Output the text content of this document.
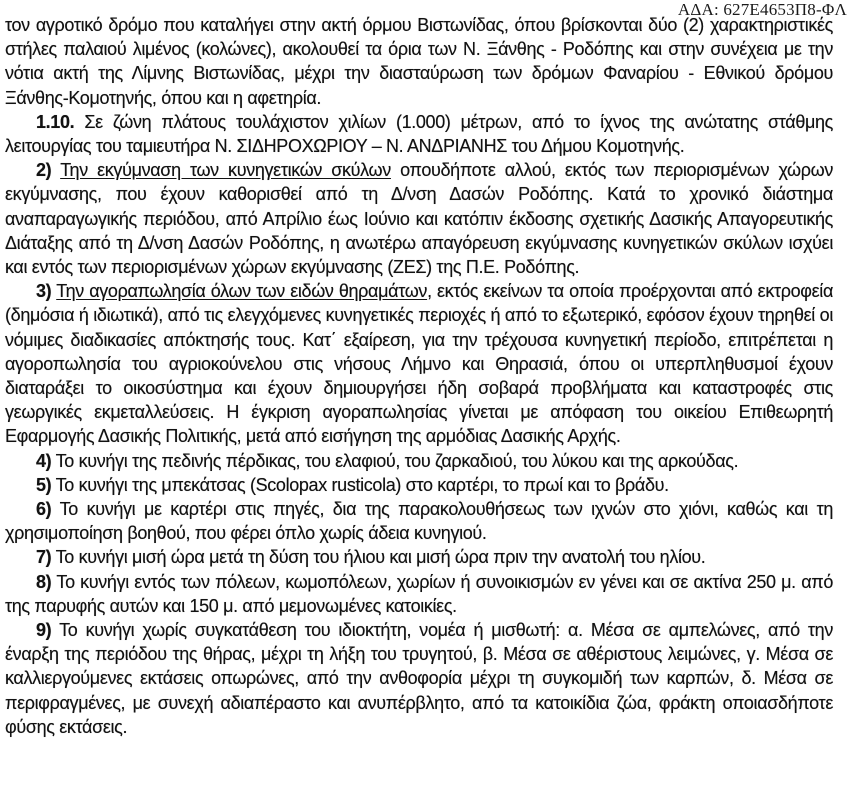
ΑΔΑ: 627Ε4653Π8-ΦΛ

τον αγροτικό δρόμο που καταλήγει στην ακτή όρμου Βιστωνίδας, όπου βρίσκονται δύο (2) χαρακτηριστικές στήλες παλαιού λιμένος (κολώνες), ακολουθεί τα όρια των Ν. Ξάνθης - Ροδόπης και στην συνέχεια με την νότια ακτή της Λίμνης Βιστωνίδας, μέχρι την διασταύρωση των δρόμων Φαναρίου - Εθνικού δρόμου Ξάνθης-Κομοτηνής, όπου και η αφετηρία.

1.10. Σε ζώνη πλάτους τουλάχιστον χιλίων (1.000) μέτρων, από το ίχνος της ανώτατης στάθμης λειτουργίας του ταμιευτήρα Ν. ΣΙΔΗΡΟΧΩΡΙΟΥ – Ν. ΑΝΔΡΙΑΝΗΣ του Δήμου Κομοτηνής.

2) Την εκγύμναση των κυνηγετικών σκύλων οπουδήποτε αλλού, εκτός των περιορισμένων χώρων εκγύμνασης, που έχουν καθορισθεί από τη Δ/νση Δασών Ροδόπης. Κατά το χρονικό διάστημα αναπαραγωγικής περιόδου, από Απρίλιο έως Ιούνιο και κατόπιν έκδοσης σχετικής Δασικής Απαγορευτικής Διάταξης από τη Δ/νση Δασών Ροδόπης, η ανωτέρω απαγόρευση εκγύμνασης κυνηγετικών σκύλων ισχύει και εντός των περιορισμένων χώρων εκγύμνασης (ΖΕΣ) της Π.Ε. Ροδόπης.

3) Την αγοραπωλησία όλων των ειδών θηραμάτων, εκτός εκείνων τα οποία προέρχονται από εκτροφεία (δημόσια ή ιδιωτικά), από τις ελεγχόμενες κυνηγετικές περιοχές ή από το εξωτερικό, εφόσον έχουν τηρηθεί οι νόμιμες διαδικασίες απόκτησής τους. Κατ΄ εξαίρεση, για την τρέχουσα κυνηγετική περίοδο, επιτρέπεται η αγοροπωλησία του αγριοκούνελου στις νήσους Λήμνο και Θηρασιά, όπου οι υπερπληθυσμοί έχουν διαταράξει το οικοσύστημα και έχουν δημιουργήσει ήδη σοβαρά προβλήματα και καταστροφές στις γεωργικές εκμεταλλεύσεις. Η έγκριση αγοραπωλησίας γίνεται με απόφαση του οικείου Επιθεωρητή Εφαρμογής Δασικής Πολιτικής, μετά από εισήγηση της αρμόδιας Δασικής Αρχής.

4) Το κυνήγι της πεδινής πέρδικας, του ελαφιού, του ζαρκαδιού, του λύκου και της αρκούδας.

5) Το κυνήγι της μπεκάτσας (Scolopax rusticola) στο καρτέρι, το πρωί και το βράδυ.

6) Το κυνήγι με καρτέρι στις πηγές, δια της παρακολουθήσεως των ιχνών στο χιόνι, καθώς και τη χρησιμοποίηση βοηθού, που φέρει όπλο χωρίς άδεια κυνηγιού.

7) Το κυνήγι μισή ώρα μετά τη δύση του ήλιου και μισή ώρα πριν την ανατολή του ηλίου.

8) Το κυνήγι εντός των πόλεων, κωμοπόλεων, χωρίων ή συνοικισμών εν γένει και σε ακτίνα 250 μ. από της παρυφής αυτών και 150 μ. από μεμονωμένες κατοικίες.

9) Το κυνήγι χωρίς συγκατάθεση του ιδιοκτήτη, νομέα ή μισθωτή: α. Μέσα σε αμπελώνες, από την έναρξη της περιόδου της θήρας, μέχρι τη λήξη του τρυγητού, β. Μέσα σε αθέριστους λειμώνες, γ. Μέσα σε καλλιεργούμενες εκτάσεις οπωρώνες, από την ανθοφορία μέχρι τη συγκομιδή των καρπών, δ. Μέσα σε περιφραγμένες, με συνεχή αδιαπέραστο και ανυπέρβλητο, από τα κατοικίδια ζώα, φράκτη οποιασδήποτε φύσης εκτάσεις.
